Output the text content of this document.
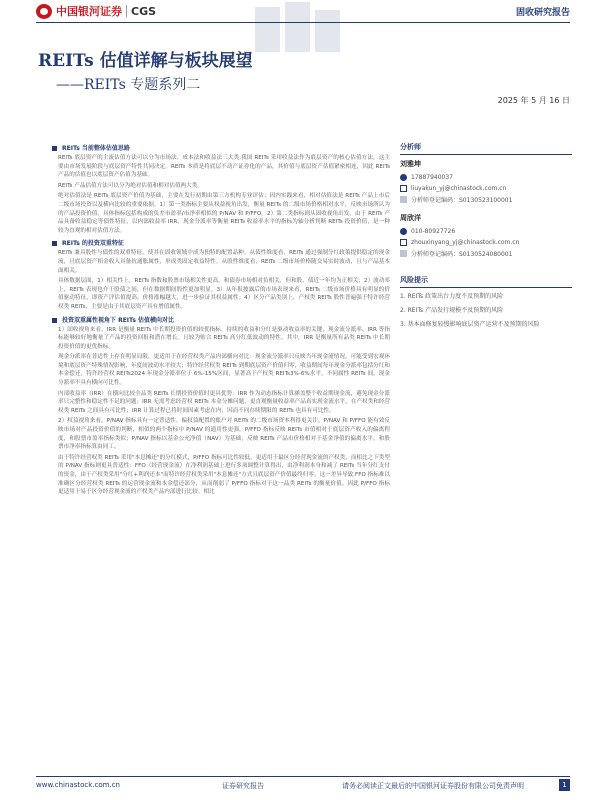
中国银河证券 CGS	固收研究报告
REITs 估值详解与板块展望
——REITs 专题系列二
2025 年 5 月 16 日
REITs 当前整体估值思路

REITs 底层资产的主流估值方法可以分为市场法、成本法和收益法三大类,我国 REITs 采用收益法作为底层资产的核心估值方法，这主要由市场发展阶段与底层资产特性共同决定。REITs 本质是将底层不动产证券化的产品，其价值与底层资产估值紧密相连，因此 REITs 产品的估值也以底层资产估值为基础。

REITs 产品估值方法可以分为绝对估值和相对估值两大类。

绝对估值法是 REITs 底层资产价值为基础，主要在发行初期由第三方机构专业评估；因内实践来看，相对估值法是 REITs 产品上市后二级市场投资以及横向比较的重要依据。1）第一类指标主要从权益视角出发，衡量 REITs 的二级市场价格相对水平，反映市场所认为的产品投资价值，具体指标包括构成的负差市盈率/市净率相似的 P/NAV 和 P/FFO。2）第二类指标则从固收视角出发，由于 REITs 产品具备收益稳定等债性特征，以内部收益率 IRR、现金分派率等衡量 REITs 收益率水平的指标为轴分析判断 REITs 投资价值，是一种较为直观的相对估值方法。

REITs 的投资双重特征

REITs 兼具股性与债性的双重特征，使其在固收领域中成为独特的配置品种。从债性维度看，REITs 通过强制分红政策提供稳定的现金流，且底层资产租金收入具备抗通胀属性，形成类固定收益特性。从股性维度看，REITs 二级市场价格随交易实时波动，且与产品基本面相关。

具体数据层面，1）相关性上，REITs 指数和股票市场相关性更高，和债券市场相对负相关，但和股、债近一年均为正相关；2）波动率上，REITs 表现也介于股债之间，但在数据期间股性更加明显。3）从年报披露后的市场表现来看，REITs 二级市场价格具有明显的价值驱动特征，即资产评估值提高，价格涨幅越大，进一步验证其权益属性；4）区分产品类别上，产权类 REITs 股性普遍强于特许经营权类 REITs，主要是由于其底层资产具有增值属性。

投资双重属性视角下 REITs 估值横向对比

1）固收视角来看，IRR 是衡量 REITs 中长期投资价值的较优指标。持续的收益和分红是驱动收益率的关键，现金流分派率、IRR 等指标能够较好地衡量了产品的投资回报和潜在增长。且较为贴合 REITs 高分红低波动的特性。其中，IRR 是衡量所有品类 REITs 中长期投资价值的更优指标。

现金分派率在普适性上存在明显局限，更适用于在经营权类产品内部横向对比：现金流分派率只反映当年现金流情况，可能受到宏观环境和底层资产特殊情况影响，年度间波动水平较大；特许经营权类 REITs 到期底层资产价值归零，收益期间每年现金分派率包括分红和本金偿还，特许经营权 REITs2024 年现金分派率位于 6%-15%区间，显著高于产权类 REITs3%-6%水平，不同属性 REITs 间，现金分派率不具有横向可比性。

内部收益率（IRR）在横向比较全品类 REITs 长期投资价值时更具优势：IRR 作为动态指标计算涵盖整个收益期现金流，避免现金分派率只完整性和稳定性不足的问题；IRR 无需考虑经营权 REITs 本金分摊问题，更直观衡量收益率产品真实现金流水平，在产权类和经营权类 REITs 之间具有可比性；IRR 计算过程已将时间因素考虑在内，因而不同存续期限的 REITs 也具有可比性。

2）权益视角来看，P/NAV 指标具有一定普适性。偏权益配置的账户对 REITs 的二级市场资本利得更关注，P/NAV 和 P/FFO 能有效反映市场对产品投资价值的判断，相似的两个指标中 P/NAV 的通用性更强。P/FFO 指标反映 REITs 市值相对于底层资产收入的偏离程度，和股票市盈率指标类似；P/NAV 指标以基金公允净值（NAV）为基础，反映 REITs 产品市价格相对于基金净值的偏离水平，和股票市净率指标算由同工。

由于特许经营权类 REITs 采用"本息摊还"的分红模式，P/FFO 指标可比性较低，更适用于最区分经营现金流的产权类，而相比之下类型的 P/NAV 指标则更具普适性：FFO（经营现金流）在净利润基础上进行多项调整计算得出，由净利润本身和减了 REITs 当年分红支付的资金，由于产权类采用"分红+利润还本"而特许经营权类采用"本息摊还"方式且底层资产价值最终归零。这一差异导致 FFO 指标难以准确区分经营权类 REITs 的运营现金流和本金偿还部分，从而削弱了 P/FFO 指标对于这一品类 REITs 的衡量价值。因此 P/FFO 指标更适用于易于区分经营现金流的产权类产品内部进行比较。相比

分析师
刘雅坤
17887940037
liuyakun_yj@chinastock.com.cn
分析师登记编码：S0130523100001
周欣洋
010-80927726
zhouxinyang_yj@chinastock.com.cn
分析师登记编码：S0130524080001
风险提示
1. REITs 政策出台力度不及预期的风险
2. REITs 产品发行规模不及预期的风险
3. 基本面修复较慢影响底层资产运营不及预期的风险
www.chinastock.com.cn	证券研究报告	请务必阅读正文最后的中国银河证券股份有限公司免责声明	1
